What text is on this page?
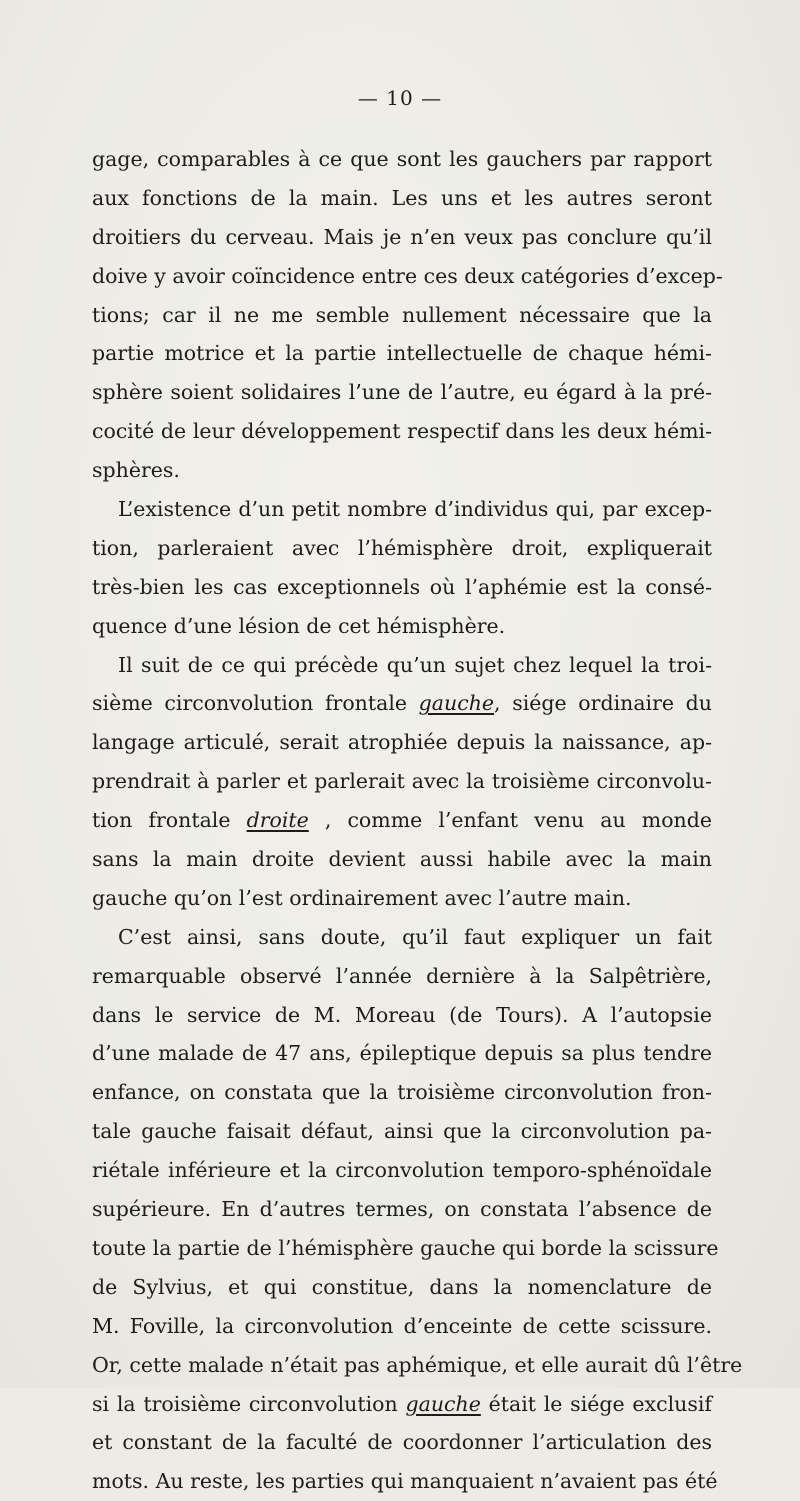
— 10 —
gage, comparables à ce que sont les gauchers par rapport
aux fonctions de la main. Les uns et les autres seront
droitiers du cerveau. Mais je n’en veux pas conclure qu’il
doive y avoir coïncidence entre ces deux catégories d’excep-
tions; car il ne me semble nullement nécessaire que la
partie motrice et la partie intellectuelle de chaque hémi-
sphère soient solidaires l’une de l’autre, eu égard à la pré-
cocité de leur développement respectif dans les deux hémi-
sphères.
L’existence d’un petit nombre d’individus qui, par excep-
tion, parleraient avec l’hémisphère droit, expliquerait
très-bien les cas exceptionnels où l’aphémie est la consé-
quence d’une lésion de cet hémisphère.
Il suit de ce qui précède qu’un sujet chez lequel la troi-
sième circonvolution frontale gauche, siége ordinaire du
langage articulé, serait atrophiée depuis la naissance, ap-
prendrait à parler et parlerait avec la troisième circonvolu-
tion frontale droite , comme l’enfant venu au monde
sans la main droite devient aussi habile avec la main
gauche qu’on l’est ordinairement avec l’autre main.
C’est ainsi, sans doute, qu’il faut expliquer un fait
remarquable observé l’année dernière à la Salpêtrière,
dans le service de M. Moreau (de Tours). A l’autopsie
d’une malade de 47 ans, épileptique depuis sa plus tendre
enfance, on constata que la troisième circonvolution fron-
tale gauche faisait défaut, ainsi que la circonvolution pa-
riétale inférieure et la circonvolution temporo-sphénoïdale
supérieure. En d’autres termes, on constata l’absence de
toute la partie de l’hémisphère gauche qui borde la scissure
de Sylvius, et qui constitue, dans la nomenclature de
M. Foville, la circonvolution d’enceinte de cette scissure.
Or, cette malade n’était pas aphémique, et elle aurait dû l’être
si la troisième circonvolution gauche était le siége exclusif
et constant de la faculté de coordonner l’articulation des
mots. Au reste, les parties qui manquaient n’avaient pas été
